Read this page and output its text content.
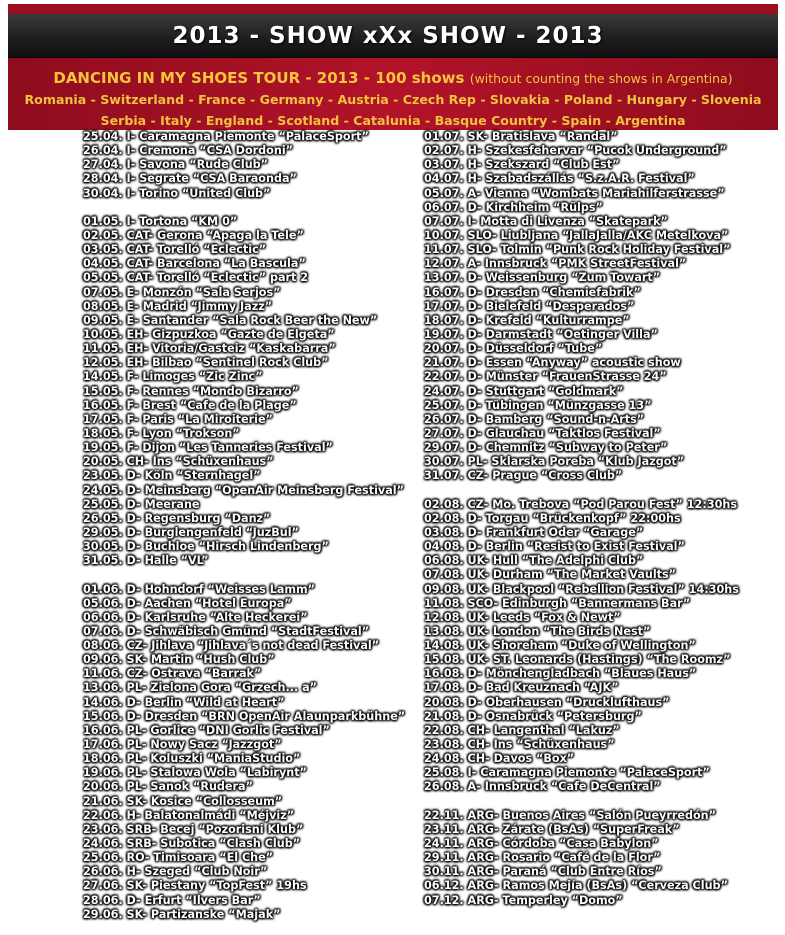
2013 - SHOW xXx SHOW - 2013
DANCING IN MY SHOES TOUR - 2013 - 100 shows (without counting the shows in Argentina)
Romania - Switzerland - France - Germany - Austria - Czech Rep - Slovakia - Poland - Hungary - Slovenia
Serbia - Italy - England - Scotland - Catalunia - Basque Country - Spain - Argentina
25.04. I- Caramagna Piemonte “PalaceSport”
26.04. I- Cremona “CSA Dordoni”
27.04. I- Savona “Rude Club”
28.04. I- Segrate “CSA Baraonda”
30.04. I- Torino “United Club”
01.05. I- Tortona “KM 0”
02.05. CAT- Gerona “Apaga la Tele”
03.05. CAT- Torelló “Eclectic”
04.05. CAT- Barcelona “La Bascula”
05.05. CAT- Torelló “Eclectic” part 2
07.05. E- Monzón “Sala Serjos”
08.05. E- Madrid “Jimmy Jazz”
09.05. E- Santander “Sala Rock Beer the New”
10.05. EH- Gizpuzkoa “Gazte de Elgeta”
11.05. EH- Vitoria/Gasteiz “Kaskabarra”
12.05. EH- Bilbao “Sentinel Rock Club”
14.05. F- Limoges “Zic Zinc”
15.05. F- Rennes “Mondo Bizarro”
16.05. F- Brest “Cafe de la Plage”
17.05. F- Paris “La Miroiterie”
18.05. F- Lyon “Trokson”
19.05. F- Dijon “Les Tanneries Festival”
20.05. CH- Ins “Schüxenhaus”
23.05. D- Köln “Sternhagel”
24.05. D- Meinsberg “OpenAir Meinsberg Festival”
25.05. D- Meerane
26.05. D- Regensburg “Danz”
29.05. D- Burglengenfeld “JuzBul”
30.05. D- Buchloe “Hirsch Lindenberg”
31.05. D- Halle “VL”
01.06. D- Hohndorf “Weisses Lamm”
05.06. D- Aachen “Hotel Europa”
06.06. D- Karlsruhe “Alte Heckerei”
07.06. D- Schwäbisch Gmünd “StadtFestival”
08.06. CZ- Jihlava “Jihlava´s not dead Festival”
09.06. SK- Martin “Hush Club”
11.06. CZ- Ostrava “Barrak”
13.06. PL- Zielona Gora “Grzech... a”
14.06. D- Berlin “Wild at Heart”
15.06. D- Dresden “BRN OpenAir Alaunparkbühne”
16.06. PL- Gorlice “DNI Gorlic Festival”
17.06. PL- Nowy Sacz “Jazzgot”
18.06. PL- Koluszki “ManiaStudio”
19.06. PL- Stalowa Wola “Labirynt”
20.06. PL- Sanok “Rudera”
21.06. SK- Kosice “Collosseum”
22.06. H- Balatonalmádi “Méjviz”
23.06. SRB- Becej “Pozorisni Klub”
24.06. SRB- Subotica “Clash Club”
25.06. RO- Timisoara “El Che”
26.06. H- Szeged “Club Noir”
27.06. SK- Piestany “TopFest” 19hs
28.06. D- Erfurt “Ilvers Bar”
29.06. SK- Partizanske “Majak”
01.07. SK- Bratislava “Randal”
02.07. H- Szekesfehervar “Pucok Underground”
03.07. H- Szekszard “Club Est”
04.07. H- Szabadszállás “S.z.A.R. Festival”
05.07. A- Vienna “Wombats Mariahilferstrasse”
06.07. D- Kirchheim “Rülps”
07.07. I- Motta di Livenza “Skatepark”
10.07. SLO- Liubljana “JallaJalla/AKC Metelkova”
11.07. SLO- Tolmin “Punk Rock Holiday Festival”
12.07. A- Innsbruck “PMK StreetFestival”
13.07. D- Weissenburg “Zum Towart”
16.07. D- Dresden “Chemiefabrik”
17.07. D- Bielefeld “Desperados”
18.07. D- Krefeld “Kulturrampe”
19.07. D- Darmstadt “Oetinger Villa”
20.07. D- Düsseldorf “Tube”
21.07. D- Essen “Anyway” acoustic show
22.07. D- Münster “FrauenStrasse 24”
24.07. D- Stuttgart “Goldmark”
25.07. D- Tübingen “Münzgasse 13”
26.07. D- Bamberg “Sound-n-Arts”
27.07. D- Glauchau “Taktlos Festival”
29.07. D- Chemnitz “Subway to Peter”
30.07. PL- Sklarska Poreba “Klub Jazgot”
31.07. CZ- Prague “Cross Club”
02.08. CZ- Mo. Trebova “Pod Parou Fest” 12:30hs
02.08. D- Torgau “Brückenkopf” 22:00hs
03.08. D- Frankfurt Oder “Garage”
04.08. D- Berlin “Resist to Exist Festival”
06.08. UK- Hull “The Adelphi Club”
07.08. UK- Durham “The Market Vaults”
09.08. UK- Blackpool “Rebellion Festival” 14:30hs
11.08. SCO- Edinburgh “Bannermans Bar”
12.08. UK- Leeds “Fox & Newt”
13.08. UK- London “The Birds Nest”
14.08. UK- Shoreham “Duke of Wellington”
15.08. UK- ST. Leonards (Hastings) “The Roomz”
16.08. D- Mönchengladbach “Blaues Haus”
17.08. D- Bad Kreuznach “AJK”
20.08. D- Oberhausen “Drucklufthaus”
21.08. D- Osnabrück “Petersburg”
22.08. CH- Langenthal “Lakuz”
23.08. CH- Ins “Schüxenhaus”
24.08. CH- Davos “Box”
25.08. I- Caramagna Piemonte “PalaceSport”
26.08. A- Innsbruck “Cafe DeCentral”
22.11. ARG- Buenos Aires “Salón Pueyrredón”
23.11. ARG- Zárate (BsAs) “SuperFreak”
24.11. ARG- Córdoba “Casa Babylon”
29.11. ARG- Rosario “Café de la Flor”
30.11. ARG- Paraná “Club Entre Ríos”
06.12. ARG- Ramos Mejía (BsAs) “Cerveza Club”
07.12. ARG- Temperley “Domo”
